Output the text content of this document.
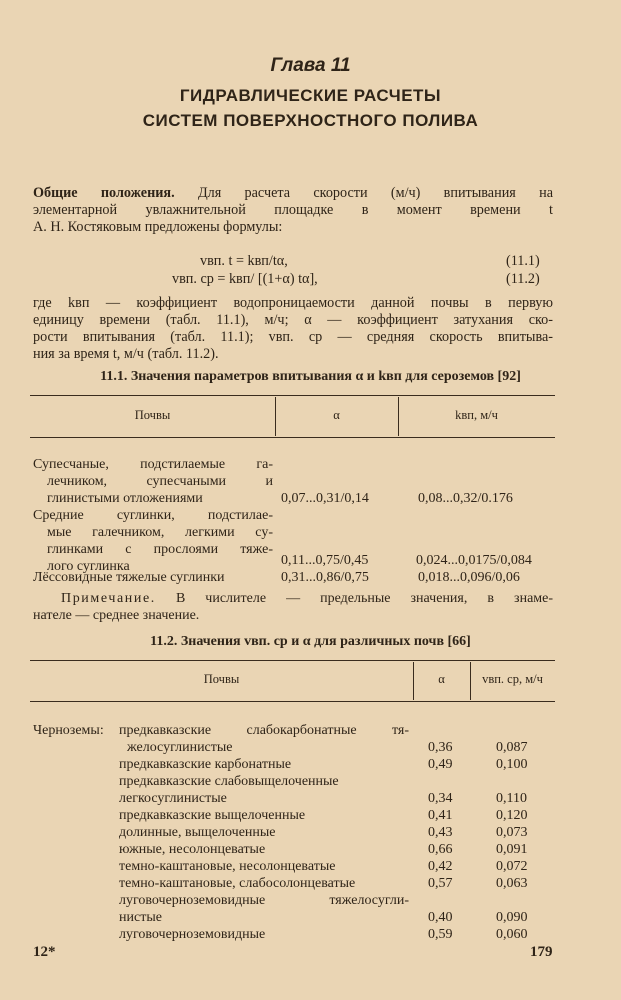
Глава 11
ГИДРАВЛИЧЕСКИЕ РАСЧЕТЫ
СИСТЕМ ПОВЕРХНОСТНОГО ПОЛИВА
Общие положения. Для расчета скорости (м/ч) впитывания на
элементарной увлажнительной площадке в момент времени t
А. Н. Костяковым предложены формулы:
vвп. t = kвп/tα,	(11.1)
vвп. ср = kвп/ [(1+α) tα],	(11.2)
где kвп — коэффициент водопроницаемости данной почвы в первую
единицу времени (табл. 11.1), м/ч; α — коэффициент затухания ско-
рости впитывания (табл. 11.1); vвп. ср — средняя скорость впитыва-
ния за время t, м/ч (табл. 11.2).
11.1. Значения параметров впитывания α и kвп для сероземов [92]
Почвы	α	kвп, м/ч
Супесчаные, подстилаемые га-
лечником, супесчаными и
глинистыми отложениями	0,07...0,31/0,14	0,08...0,32/0.176
Средние суглинки, подстилае-
мые галечником, легкими су-
глинками с прослоями тяже-
лого суглинка	0,11...0,75/0,45	0,024...0,0175/0,084
Лёссовидные тяжелые суглинки	0,31...0,86/0,75	0,018...0,096/0,06
Примечание. В числителе — предельные значения, в знаме-
нателе — среднее значение.
11.2. Значения vвп. ср и α для различных почв [66]
Почвы	α	vвп. ср, м/ч
Черноземы: предкавказские слабокарбонатные тя-
желосуглинистые	0,36	0,087
предкавказские карбонатные	0,49	0,100
предкавказские слабовыщелоченные
легкосуглинистые	0,34	0,110
предкавказские выщелоченные	0,41	0,120
долинные, выщелоченные	0,43	0,073
южные, несолонцеватые	0,66	0,091
темно-каштановые, несолонцеватые	0,42	0,072
темно-каштановые, слабосолонцеватые	0,57	0,063
луговочерноземовидные тяжелосугли-
нистые	0,40	0,090
луговочерноземовидные	0,59	0,060
12*	179
